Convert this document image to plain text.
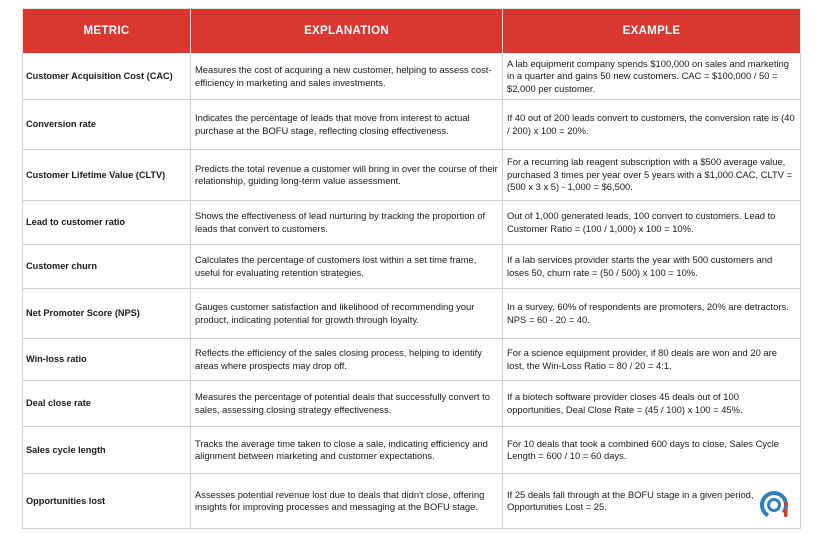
METRIC	EXPLANATION	EXAMPLE
Customer Acquisition Cost (CAC)	Measures the cost of acquiring a new customer, helping to assess cost-efficiency in marketing and sales investments.	A lab equipment company spends $100,000 on sales and marketing in a quarter and gains 50 new customers. CAC = $100,000 / 50 = $2,000 per customer.
Conversion rate	Indicates the percentage of leads that move from interest to actual purchase at the BOFU stage, reflecting closing effectiveness.	If 40 out of 200 leads convert to customers, the conversion rate is (40 / 200) x 100 = 20%.
Customer Lifetime Value (CLTV)	Predicts the total revenue a customer will bring in over the course of their relationship, guiding long-term value assessment.	For a recurring lab reagent subscription with a $500 average value, purchased 3 times per year over 5 years with a $1,000 CAC, CLTV = (500 x 3 x 5) - 1,000 = $6,500.
Lead to customer ratio	Shows the effectiveness of lead nurturing by tracking the proportion of leads that convert to customers.	Out of 1,000 generated leads, 100 convert to customers. Lead to Customer Ratio = (100 / 1,000) x 100 = 10%.
Customer churn	Calculates the percentage of customers lost within a set time frame, useful for evaluating retention strategies.	If a lab services provider starts the year with 500 customers and loses 50, churn rate = (50 / 500) x 100 = 10%.
Net Promoter Score (NPS)	Gauges customer satisfaction and likelihood of recommending your product, indicating potential for growth through loyalty.	In a survey, 60% of respondents are promoters, 20% are detractors. NPS = 60 - 20 = 40.
Win-loss ratio	Reflects the efficiency of the sales closing process, helping to identify areas where prospects may drop off.	For a science equipment provider, if 80 deals are won and 20 are lost, the Win-Loss Ratio = 80 / 20 = 4:1.
Deal close rate	Measures the percentage of potential deals that successfully convert to sales, assessing closing strategy effectiveness.	If a biotech software provider closes 45 deals out of 100 opportunities, Deal Close Rate = (45 / 100) x 100 = 45%.
Sales cycle length	Tracks the average time taken to close a sale, indicating efficiency and alignment between marketing and customer expectations.	For 10 deals that took a combined 600 days to close, Sales Cycle Length = 600 / 10 = 60 days.
Opportunities lost	Assesses potential revenue lost due to deals that didn't close, offering insights for improving processes and messaging at the BOFU stage.	If 25 deals fall through at the BOFU stage in a given period, Opportunities Lost = 25.
